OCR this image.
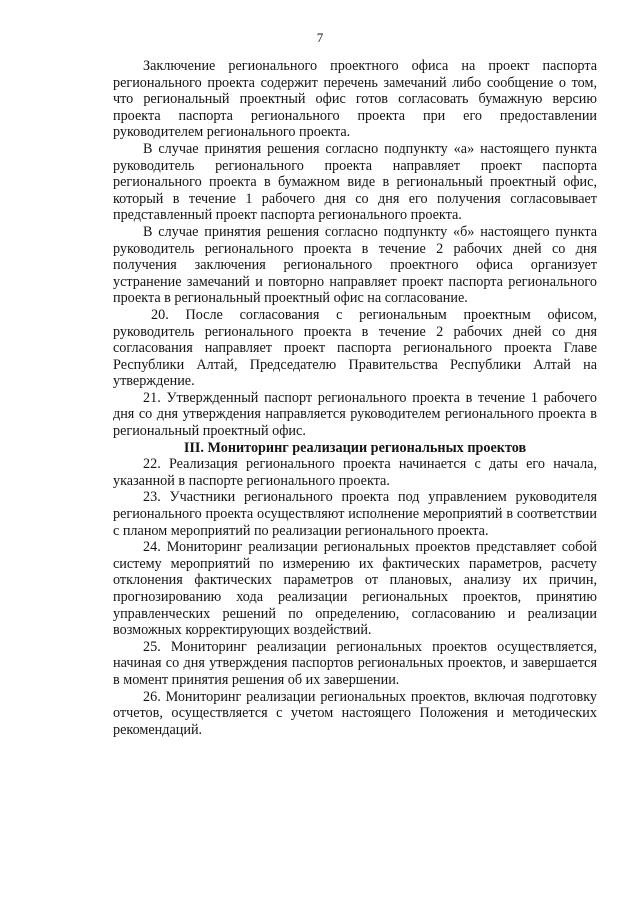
7

Заключение регионального проектного офиса на проект паспорта регионального проекта содержит перечень замечаний либо сообщение о том, что региональный проектный офис готов согласовать бумажную версию проекта паспорта регионального проекта при его предоставлении руководителем регионального проекта.

В случае принятия решения согласно подпункту «а» настоящего пункта руководитель регионального проекта направляет проект паспорта регионального проекта в бумажном виде в региональный проектный офис, который в течение 1 рабочего дня со дня его получения согласовывает представленный проект паспорта регионального проекта.

В случае принятия решения согласно подпункту «б» настоящего пункта руководитель регионального проекта в течение 2 рабочих дней со дня получения заключения регионального проектного офиса организует устранение замечаний и повторно направляет проект паспорта регионального проекта в региональный проектный офис на согласование.

20. После согласования с региональным проектным офисом, руководитель регионального проекта в течение 2 рабочих дней со дня согласования направляет проект паспорта регионального проекта Главе Республики Алтай, Председателю Правительства Республики Алтай на утверждение.

21. Утвержденный паспорт регионального проекта в течение 1 рабочего дня со дня утверждения направляется руководителем регионального проекта в региональный проектный офис.

III. Мониторинг реализации региональных проектов

22. Реализация регионального проекта начинается с даты его начала, указанной в паспорте регионального проекта.

23. Участники регионального проекта под управлением руководителя регионального проекта осуществляют исполнение мероприятий в соответствии с планом мероприятий по реализации регионального проекта.

24. Мониторинг реализации региональных проектов представляет собой систему мероприятий по измерению их фактических параметров, расчету отклонения фактических параметров от плановых, анализу их причин, прогнозированию хода реализации региональных проектов, принятию управленческих решений по определению, согласованию и реализации возможных корректирующих воздействий.

25. Мониторинг реализации региональных проектов осуществляется, начиная со дня утверждения паспортов региональных проектов, и завершается в момент принятия решения об их завершении.

26. Мониторинг реализации региональных проектов, включая подготовку отчетов, осуществляется с учетом настоящего Положения и методических рекомендаций.
